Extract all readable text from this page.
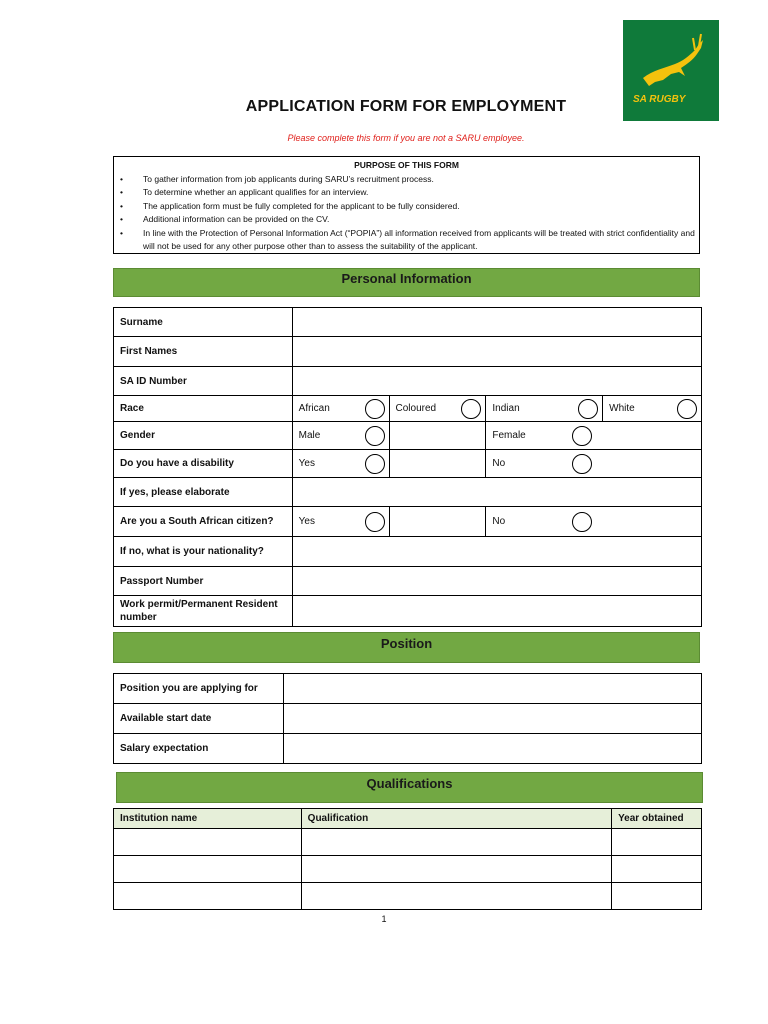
SA RUGBY
APPLICATION FORM FOR EMPLOYMENT
Please complete this form if you are not a SARU employee.
PURPOSE OF THIS FORM
• To gather information from job applicants during SARU’s recruitment process.
• To determine whether an applicant qualifies for an interview.
• The application form must be fully completed for the applicant to be fully considered.
• Additional information can be provided on the CV.
• In line with the Protection of Personal Information Act (“POPIA”) all information received from applicants will be treated with strict confidentiality and will not be used for any other purpose other than to assess the suitability of the applicant.
Personal Information
Surname				
First Names				
SA ID Number				
Race	African	Coloured	Indian	White

Gender	Male		Female	

Do you have a disability	Yes		No	

If yes, please elaborate				
Are you a South African citizen?	Yes		No	

If no, what is your nationality?				
Passport Number				
Work permit/Permanent Resident number				
Position
Position you are applying for	
Available start date	
Salary expectation	
Qualifications
Institution name	Qualification	Year obtained

1
